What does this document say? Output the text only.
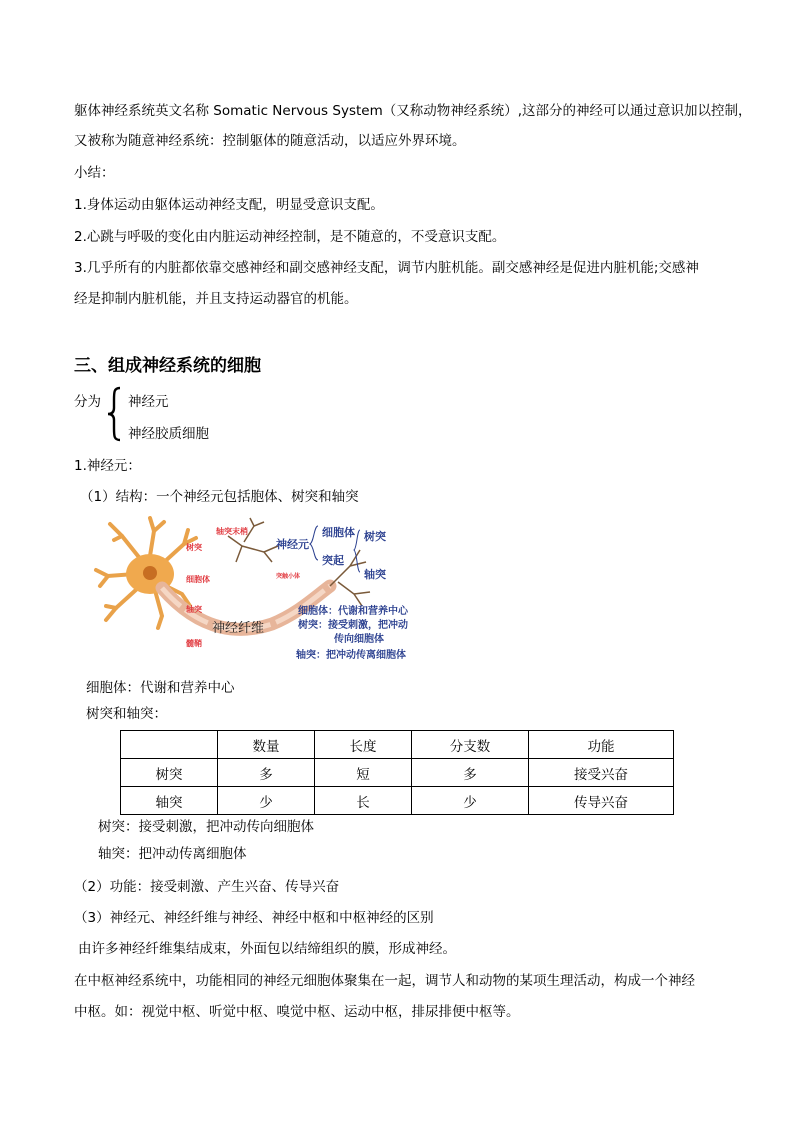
躯体神经系统英文名称 Somatic Nervous System（又称动物神经系统）,这部分的神经可以通过意识加以控制，
又被称为随意神经系统：控制躯体的随意活动，以适应外界环境。
小结：
1.身体运动由躯体运动神经支配，明显受意识支配。
2.心跳与呼吸的变化由内脏运动神经控制，是不随意的，不受意识支配。
3.几乎所有的内脏都依靠交感神经和副交感神经支配，调节内脏机能。副交感神经是促进内脏机能;交感神
经是抑制内脏机能，并且支持运动器官的机能。
三、组成神经系统的细胞
分为 神经元
神经胶质细胞
1.神经元：
（1）结构：一个神经元包括胞体、树突和轴突
轴突末梢
树突
细胞体
轴突
髓鞘
突触小体
神经纤维
神经元
细胞体
突起
树突
轴突
细胞体：代谢和营养中心
树突：接受刺激，把冲动
传向细胞体
轴突：把冲动传离细胞体
细胞体：代谢和营养中心
树突和轴突：
	数量	长度	分支数	功能
树突	多	短	多	接受兴奋
轴突	少	长	少	传导兴奋
树突：接受刺激，把冲动传向细胞体
轴突：把冲动传离细胞体
（2）功能：接受刺激、产生兴奋、传导兴奋
（3）神经元、神经纤维与神经、神经中枢和中枢神经的区别
由许多神经纤维集结成束，外面包以结缔组织的膜，形成神经。
在中枢神经系统中，功能相同的神经元细胞体聚集在一起，调节人和动物的某项生理活动，构成一个神经
中枢。如：视觉中枢、听觉中枢、嗅觉中枢、运动中枢，排尿排便中枢等。
